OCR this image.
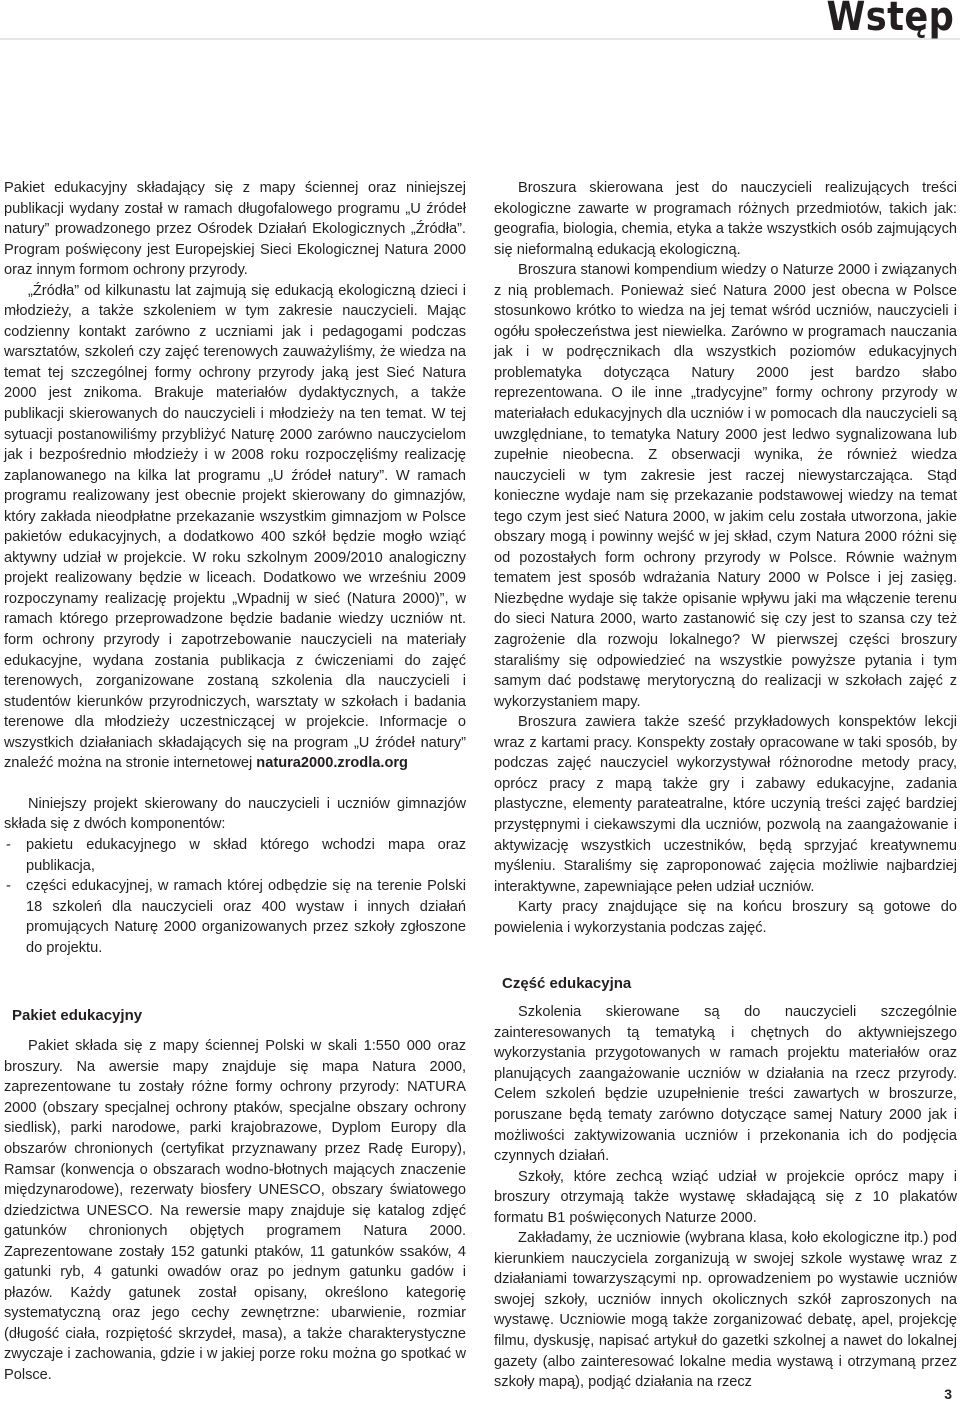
Wstęp

Pakiet edukacyjny składający się z mapy ściennej oraz niniejszej publikacji wydany został w ramach długofalowego programu „U źródeł natury” prowadzonego przez Ośrodek Działań Ekologicznych „Źródła”. Program poświęcony jest Europejskiej Sieci Ekologicznej Natura 2000 oraz innym formom ochrony przyrody.

„Źródła” od kilkunastu lat zajmują się edukacją ekologiczną dzieci i młodzieży, a także szkoleniem w tym zakresie nauczycieli. Mając codzienny kontakt zarówno z uczniami jak i pedagogami podczas warsztatów, szkoleń czy zajęć terenowych zauważyliśmy, że wiedza na temat tej szczególnej formy ochrony przyrody jaką jest Sieć Natura 2000 jest znikoma. Brakuje materiałów dydaktycznych, a także publikacji skierowanych do nauczycieli i młodzieży na ten temat. W tej sytuacji postanowiliśmy przybliżyć Naturę 2000 zarówno nauczycielom jak i bezpośrednio młodzieży i w 2008 roku rozpoczęliśmy realizację zaplanowanego na kilka lat programu „U źródeł natury”. W ramach programu realizowany jest obecnie projekt skierowany do gimnazjów, który zakłada nieodpłatne przekazanie wszystkim gimnazjom w Polsce pakietów edukacyjnych, a dodatkowo 400 szkół będzie mogło wziąć aktywny udział w projekcie. W roku szkolnym 2009/2010 analogiczny projekt realizowany będzie w liceach. Dodatkowo we wrześniu 2009 rozpoczynamy realizację projektu „Wpadnij w sieć (Natura 2000)”, w ramach którego przeprowadzone będzie badanie wiedzy uczniów nt. form ochrony przyrody i zapotrzebowanie nauczycieli na materiały edukacyjne, wydana zostania publikacja z ćwiczeniami do zajęć terenowych, zorganizowane zostaną szkolenia dla nauczycieli i studentów kierunków przyrodniczych, warsztaty w szkołach i badania terenowe dla młodzieży uczestniczącej w projekcie. Informacje o wszystkich działaniach składających się na program „U źródeł natury” znaleźć można na stronie internetowej natura2000.zrodla.org

Niniejszy projekt skierowany do nauczycieli i uczniów gimnazjów składa się z dwóch komponentów:

- pakietu edukacyjnego w skład którego wchodzi mapa oraz publikacja,
- części edukacyjnej, w ramach której odbędzie się na terenie Polski 18 szkoleń dla nauczycieli oraz 400 wystaw i innych działań promujących Naturę 2000 organizowanych przez szkoły zgłoszone do projektu.
Pakiet edukacyjny

Pakiet składa się z mapy ściennej Polski w skali 1:550 000 oraz broszury. Na awersie mapy znajduje się mapa Natura 2000, zaprezentowane tu zostały różne formy ochrony przyrody: NATURA 2000 (obszary specjalnej ochrony ptaków, specjalne obszary ochrony siedlisk), parki narodowe, parki krajobrazowe, Dyplom Europy dla obszarów chronionych (certyfikat przyznawany przez Radę Europy), Ramsar (konwencja o obszarach wodno-błotnych mających znaczenie międzynarodowe), rezerwaty biosfery UNESCO, obszary światowego dziedzictwa UNESCO. Na rewersie mapy znajduje się katalog zdjęć gatunków chronionych objętych programem Natura 2000. Zaprezentowane zostały 152 gatunki ptaków, 11 gatunków ssaków, 4 gatunki ryb, 4 gatunki owadów oraz po jednym gatunku gadów i płazów. Każdy gatunek został opisany, określono kategorię systematyczną oraz jego cechy zewnętrzne: ubarwienie, rozmiar (długość ciała, rozpiętość skrzydeł, masa), a także charakterystyczne zwyczaje i zachowania, gdzie i w jakiej porze roku można go spotkać w Polsce.

Broszura skierowana jest do nauczycieli realizujących treści ekologiczne zawarte w programach różnych przedmiotów, takich jak: geografia, biologia, chemia, etyka a także wszystkich osób zajmujących się nieformalną edukacją ekologiczną.

Broszura stanowi kompendium wiedzy o Naturze 2000 i związanych z nią problemach. Ponieważ sieć Natura 2000 jest obecna w Polsce stosunkowo krótko to wiedza na jej temat wśród uczniów, nauczycieli i ogółu społeczeństwa jest niewielka. Zarówno w programach nauczania jak i w podręcznikach dla wszystkich poziomów edukacyjnych problematyka dotycząca Natury 2000 jest bardzo słabo reprezentowana. O ile inne „tradycyjne” formy ochrony przyrody w materiałach edukacyjnych dla uczniów i w pomocach dla nauczycieli są uwzględniane, to tematyka Natury 2000 jest ledwo sygnalizowana lub zupełnie nieobecna. Z obserwacji wynika, że również wiedza nauczycieli w tym zakresie jest raczej niewystarczająca. Stąd konieczne wydaje nam się przekazanie podstawowej wiedzy na temat tego czym jest sieć Natura 2000, w jakim celu została utworzona, jakie obszary mogą i powinny wejść w jej skład, czym Natura 2000 różni się od pozostałych form ochrony przyrody w Polsce. Równie ważnym tematem jest sposób wdrażania Natury 2000 w Polsce i jej zasięg. Niezbędne wydaje się także opisanie wpływu jaki ma włączenie terenu do sieci Natura 2000, warto zastanowić się czy jest to szansa czy też zagrożenie dla rozwoju lokalnego? W pierwszej części broszury staraliśmy się odpowiedzieć na wszystkie powyższe pytania i tym samym dać podstawę merytoryczną do realizacji w szkołach zajęć z wykorzystaniem mapy.

Broszura zawiera także sześć przykładowych konspektów lekcji wraz z kartami pracy. Konspekty zostały opracowane w taki sposób, by podczas zajęć nauczyciel wykorzystywał różnorodne metody pracy, oprócz pracy z mapą także gry i zabawy edukacyjne, zadania plastyczne, elementy parateatralne, które uczynią treści zajęć bardziej przystępnymi i ciekawszymi dla uczniów, pozwolą na zaangażowanie i aktywizację wszystkich uczestników, będą sprzyjać kreatywnemu myśleniu. Staraliśmy się zaproponować zajęcia możliwie najbardziej interaktywne, zapewniające pełen udział uczniów.

Karty pracy znajdujące się na końcu broszury są gotowe do powielenia i wykorzystania podczas zajęć.

Część edukacyjna

Szkolenia skierowane są do nauczycieli szczególnie zainteresowanych tą tematyką i chętnych do aktywniejszego wykorzystania przygotowanych w ramach projektu materiałów oraz planujących zaangażowanie uczniów w działania na rzecz przyrody. Celem szkoleń będzie uzupełnienie treści zawartych w broszurze, poruszane będą tematy zarówno dotyczące samej Natury 2000 jak i możliwości zaktywizowania uczniów i przekonania ich do podjęcia czynnych działań.

Szkoły, które zechcą wziąć udział w projekcie oprócz mapy i broszury otrzymają także wystawę składającą się z 10 plakatów formatu B1 poświęconych Naturze 2000.

Zakładamy, że uczniowie (wybrana klasa, koło ekologiczne itp.) pod kierunkiem nauczyciela zorganizują w swojej szkole wystawę wraz z działaniami towarzyszącymi np. oprowadzeniem po wystawie uczniów swojej szkoły, uczniów innych okolicznych szkół zaproszonych na wystawę. Uczniowie mogą także zorganizować debatę, apel, projekcję filmu, dyskusję, napisać artykuł do gazetki szkolnej a nawet do lokalnej gazety (albo zainteresować lokalne media wystawą i otrzymaną przez szkoły mapą), podjąć działania na rzecz

3
